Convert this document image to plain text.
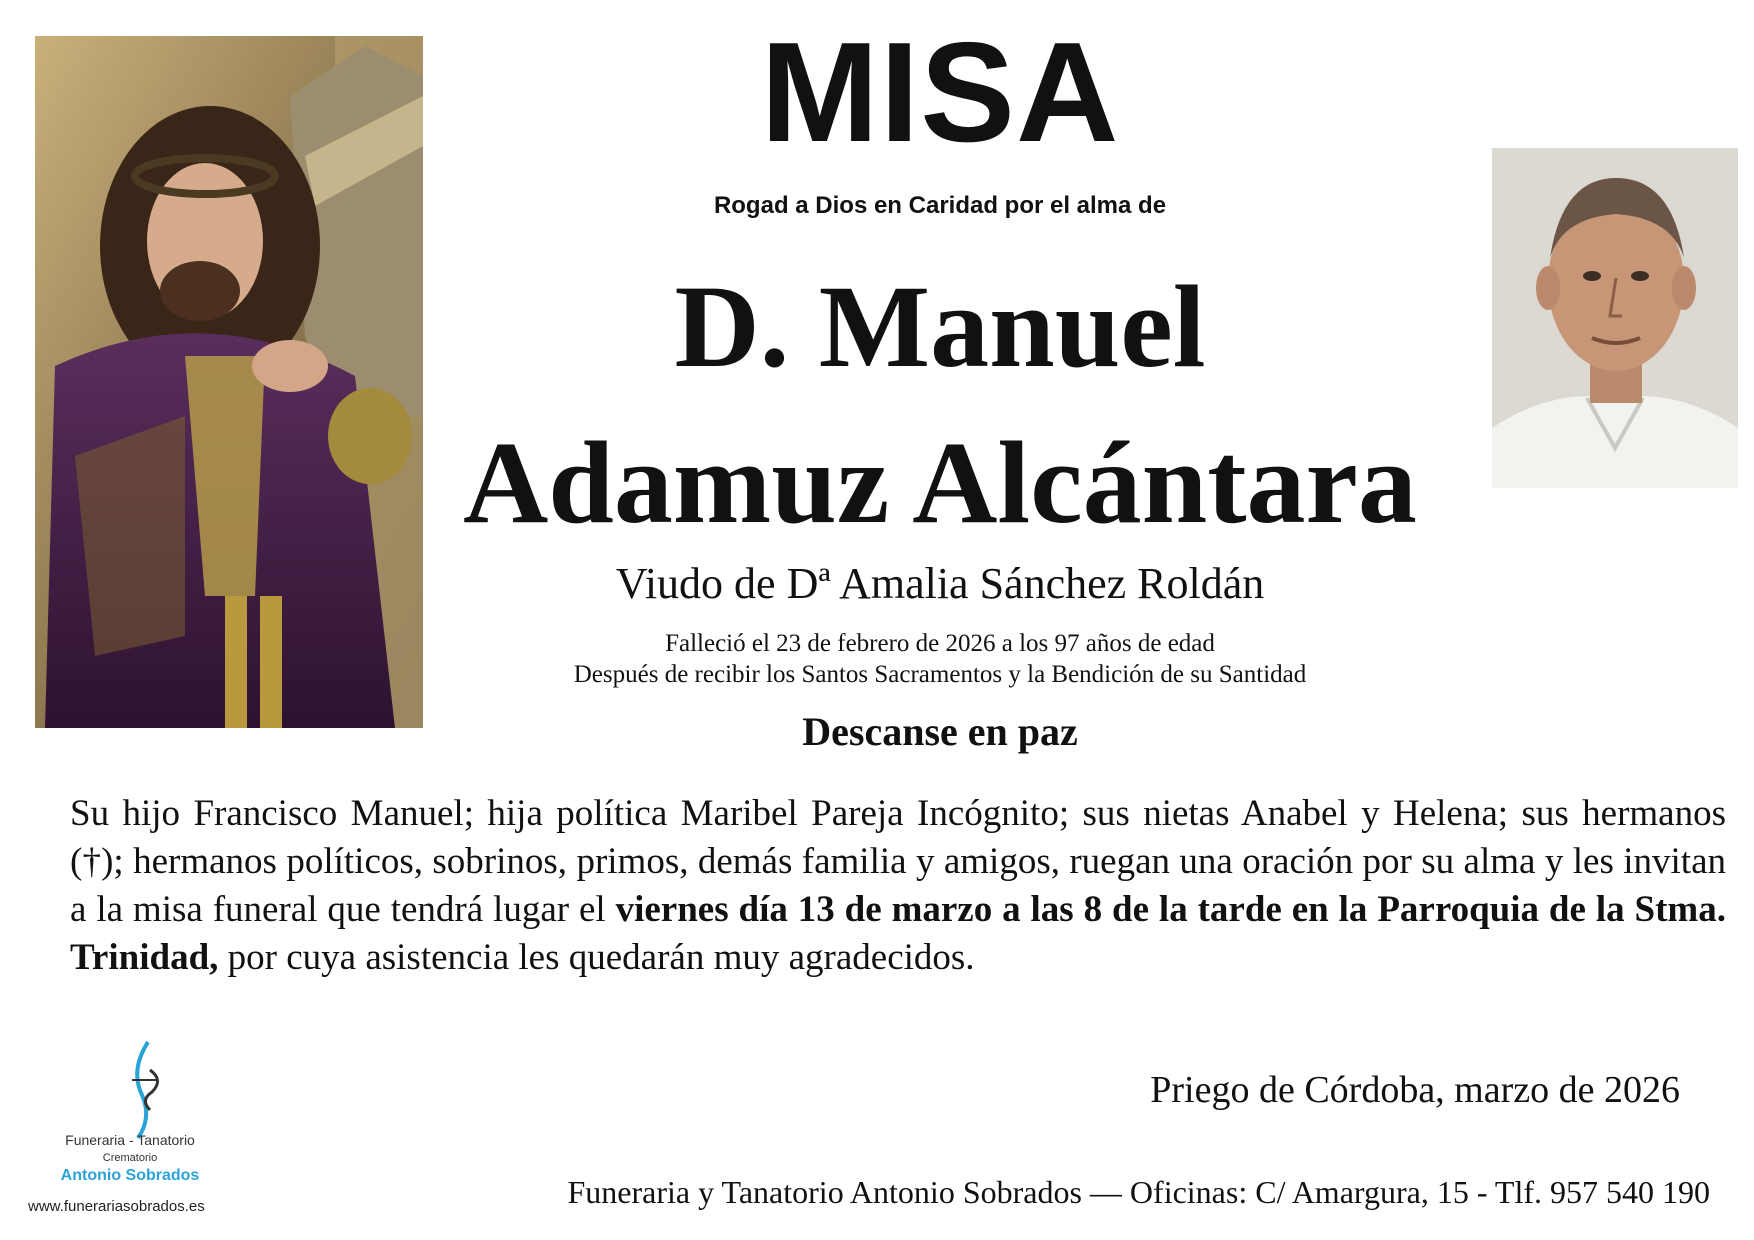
MISA
Rogad a Dios en Caridad por el alma de
D. Manuel
Adamuz Alcántara
Viudo de Dª Amalia Sánchez Roldán
Falleció el 23 de febrero de 2026 a los 97 años de edad
Después de recibir los Santos Sacramentos y la Bendición de su Santidad
Descanse en paz
Su hijo Francisco Manuel; hija política Maribel Pareja Incógnito; sus nietas Anabel y Helena; sus hermanos (†); hermanos políticos, sobrinos, primos, demás familia y amigos, ruegan una oración por su alma y les invitan a la misa funeral que tendrá lugar el viernes día 13 de marzo a las 8 de la tarde en la Parroquia de la Stma. Trinidad, por cuya asistencia les quedarán muy agradecidos.
Priego de Córdoba, marzo de 2026
Funeraria y Tanatorio Antonio Sobrados — Oficinas: C/ Amargura, 15 - Tlf. 957 540 190
Funeraria - Tanatorio
Crematorio
Antonio Sobrados
www.funerariasobrados.es
